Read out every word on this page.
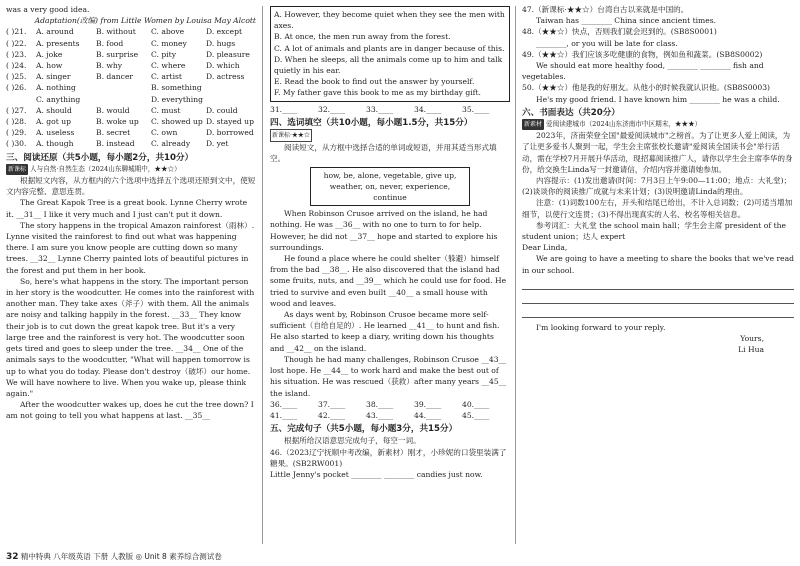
was a very good idea.

Adaptation(改编) from Little Women by Louisa May Alcott

( )21.	A. around	B. without	C. above	D. except
( )22.	A. presents	B. food	C. money	D. hugs
( )23.	A. joke	B. surprise	C. pity	D. pleasure
( )24.	A. how	B. why	C. where	D. which
( )25.	A. singer	B. dancer	C. artist	D. actress
( )26.	A. nothing	B. something
C. anything	D. everything
( )27.	A. should	B. would	C. must	D. could
( )28.	A. got up	B. woke up	C. showed up D. stayed up
( )29.	A. useless	B. secret	C. own	D. borrowed
( )30.	A. though	B. instead	C. already	D. yet
三、阅读还原（共5小题，每小题2分，共10分）
新课标 人与自然·自然生态（2024山东聊城期中，★★☆）

根据短文内容，从方框内的六个选项中选择五个选项还原到文中，使短文内容完整、意思连贯。

The Great Kapok Tree is a great book. Lynne Cherry wrote it. __31__ I like it very much and I just can't put it down.

The story happens in the tropical Amazon rainforest（雨林）. Lynne visited the rainforest to find out what was happening there. I am sure you know people are cutting down so many trees. __32__ Lynne Cherry painted lots of beautiful pictures in the forest and put them in her book.

So, here's what happens in the story. The important person in her story is the woodcutter. He comes into the rainforest with another man. They take axes（斧子）with them. All the animals are noisy and talking happily in the forest. __33__ They know their job is to cut down the great kapok tree. But it's a very large tree and the rainforest is very hot. The woodcutter soon gets tired and goes to sleep under the tree. __34__ One of the animals says to the woodcutter, "What will happen tomorrow is up to what you do today. Please don't destroy（破坏）our home. We will have nowhere to live. When you wake up, please think again."

After the woodcutter wakes up, does he cut the tree down? I am not going to tell you what happens at last. __35__

A. However, they become quiet when they see the men with axes.

B. At once, the men run away from the forest.

C. A lot of animals and plants are in danger because of this.

D. When he sleeps, all the animals come up to him and talk quietly in his ear.

E. Read the book to find out the answer by yourself.

F. My father gave this book to me as my birthday gift.

31.____	32.____	33.____	34.____	35.____
四、选词填空（共10小题，每小题1.5分，共15分）
新课标·★★☆

阅读短文，从方框中选择合适的单词或短语，并用其适当形式填空。

how, be, alone, vegetable, give up,
weather, on, never, experience, continue

When Robinson Crusoe arrived on the island, he had nothing. He was __36__ with no one to turn to for help. However, he did not __37__ hope and started to explore his surroundings.

He found a place where he could shelter（躲避）himself from the bad __38__. He also discovered that the island had some fruits, nuts, and __39__ which he could use for food. He tried to survive and even built __40__ a small house with wood and leaves.

As days went by, Robinson Crusoe became more self-sufficient（自给自足的）. He learned __41__ to hunt and fish. He also started to keep a diary, writing down his thoughts and __42__ on the island.

Though he had many challenges, Robinson Crusoe __43__ lost hope. He __44__ to work hard and make the best out of his situation. He was rescued（获救）after many years __45__ the island.

36.____	37.____	38.____	39.____	40.____
41.____	42.____	43.____	44.____	45.____
五、完成句子（共5小题，每小题3分，共15分）

根据所给汉语意思完成句子，每空一词。

46.（2023辽宁抚顺中考改编，新素材）刚才，小珍妮的口袋里装满了糖果。(SB2RW001)

Little Jenny's pocket ________ ________ candies just now.

47.（新课标·★★☆）台湾自古以来就是中国的。

Taiwan has ________ China since ancient times.

48.（★★☆）快点，否则我们就会迟到的。(SB8S0001)

________, or you will be late for class.

49.（★★☆）我们应该多吃健康的食物，例如鱼和蔬菜。(SB8S0002)

We should eat more healthy food, ________ ________ fish and vegetables.

50.（★★☆）他是我的好朋友。从他小的时候我就认识他。(SB8S0003)

He's my good friend. I have known him ________ he was a child.

六、书面表达（共20分）
新素材 爱阅读建城市（2024山东济南市中区期末，★★★）

2023年，济南荣登全国"最爱阅读城市"之榜首。为了让更多人爱上阅读，为了让更多爱书人聚到一起，学生会主席张校长邀请"爱阅读全国读书会"举行活动，需在学校7月开展升华活动，现招募阅读推广人，请你以学生会主席李华的身份，给交换生Linda写一封邀请信，介绍内容并邀请她参加。

内容提示：(1)发出邀请(时间：7月3日上午9:00—11:00；地点：大礼堂)；(2)谈谈你的阅读推广成就与未来计划；(3)说明邀请Linda的理由。

注意：(1)词数100左右，开头和结尾已给出，不计入总词数；(2)可适当增加细节，以使行文连贯；(3)不得出现真实的人名、校名等相关信息。

参考词汇：大礼堂 the school main hall；学生会主席 president of the student union；达人 expert

Dear Linda,

We are going to have a meeting to share the books that we've read in our school.

I'm looking forward to your reply.

Yours,

Li Hua

32 精中特典 八年级英语 下册 人教版 ◎ Unit 8 素养综合测试卷
